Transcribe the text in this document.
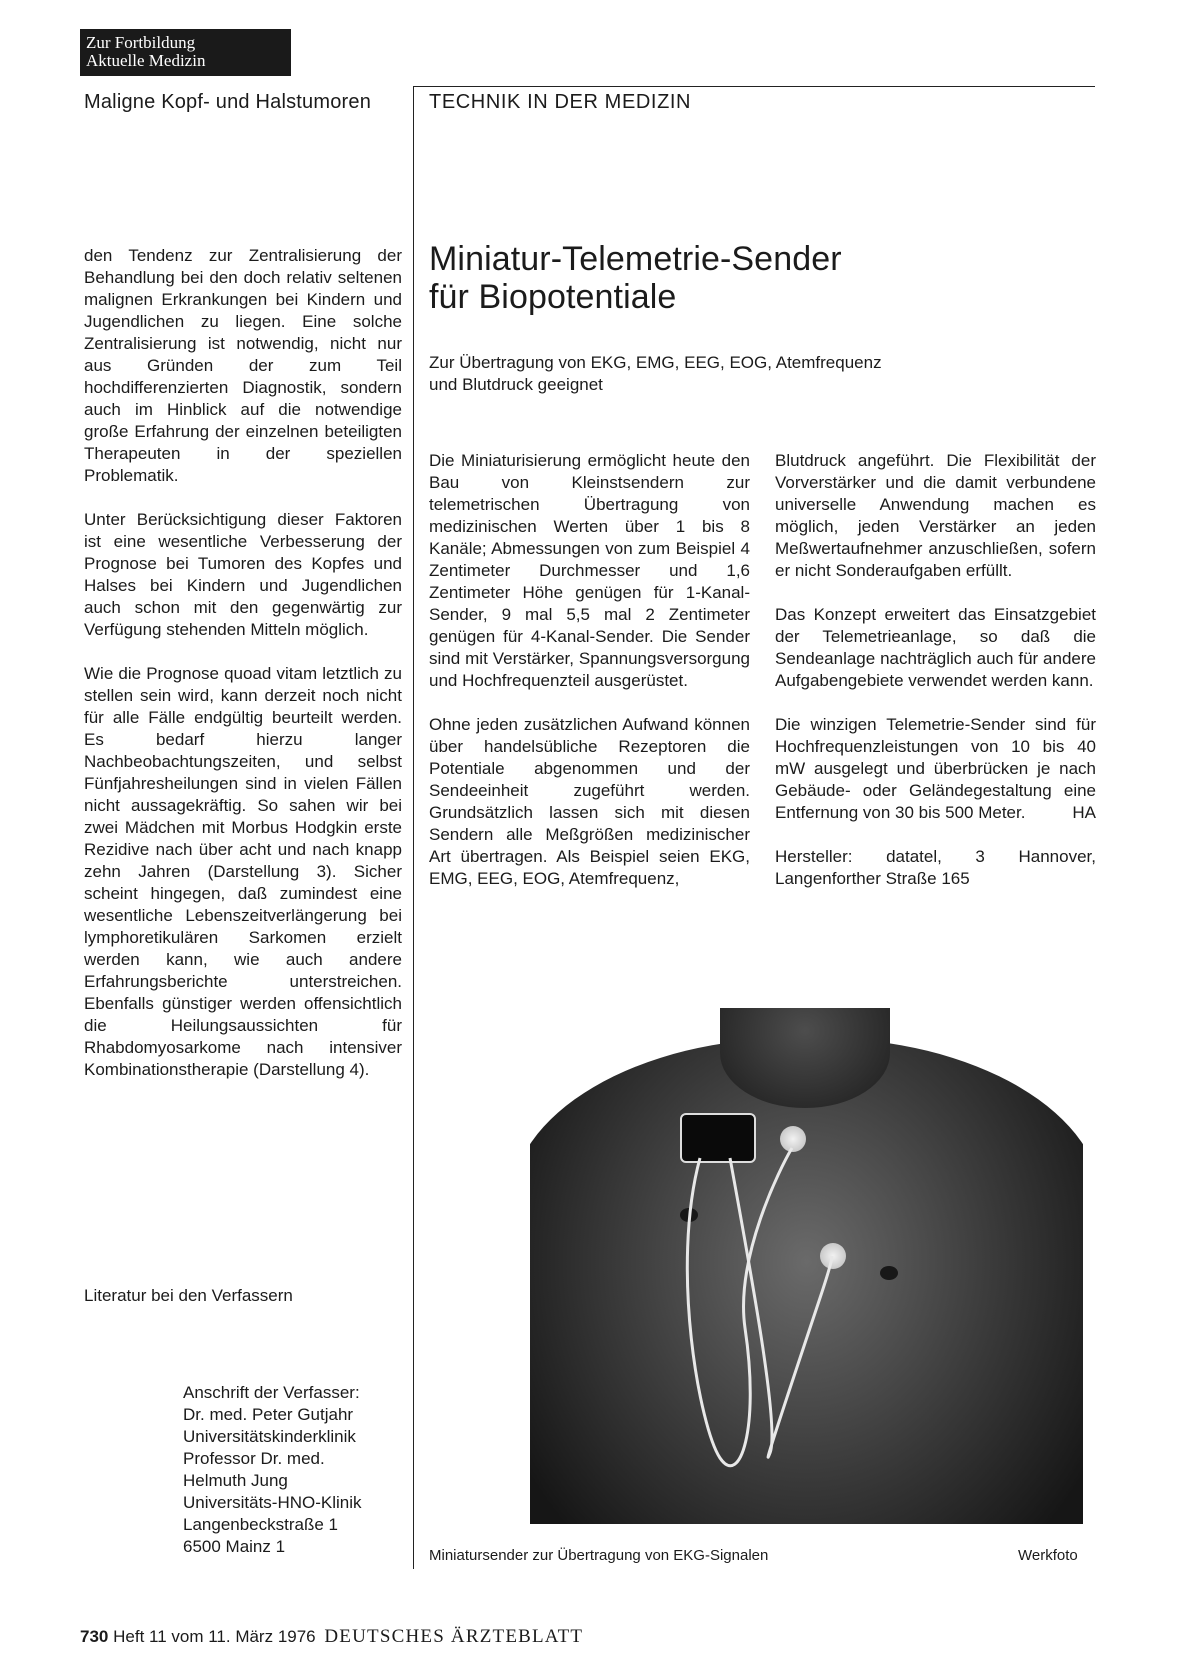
Zur Fortbildung
Aktuelle Medizin
Maligne Kopf- und Halstumoren	TECHNIK IN DER MEDIZIN

den Tendenz zur Zentralisierung der Behandlung bei den doch relativ seltenen malignen Erkrankungen bei Kindern und Jugendlichen zu liegen. Eine solche Zentralisierung ist notwendig, nicht nur aus Gründen der zum Teil hochdifferenzierten Diagnostik, sondern auch im Hinblick auf die notwendige große Erfahrung der einzelnen beteiligten Therapeuten in der speziellen Problematik.

Unter Berücksichtigung dieser Faktoren ist eine wesentliche Verbesserung der Prognose bei Tumoren des Kopfes und Halses bei Kindern und Jugendlichen auch schon mit den gegenwärtig zur Verfügung stehenden Mitteln möglich.

Wie die Prognose quoad vitam letztlich zu stellen sein wird, kann derzeit noch nicht für alle Fälle endgültig beurteilt werden. Es bedarf hierzu langer Nachbeobachtungszeiten, und selbst Fünfjahresheilungen sind in vielen Fällen nicht aussagekräftig. So sahen wir bei zwei Mädchen mit Morbus Hodgkin erste Rezidive nach über acht und nach knapp zehn Jahren (Darstellung 3). Sicher scheint hingegen, daß zumindest eine wesentliche Lebenszeitverlängerung bei lymphoretikulären Sarkomen erzielt werden kann, wie auch andere Erfahrungsberichte unterstreichen. Ebenfalls günstiger werden offensichtlich die Heilungsaussichten für Rhabdomyosarkome nach intensiver Kombinationstherapie (Darstellung 4).

Literatur bei den Verfassern
Anschrift der Verfasser:
Dr. med. Peter Gutjahr
Universitätskinderklinik
Professor Dr. med.
Helmuth Jung
Universitäts-HNO-Klinik
Langenbeckstraße 1
6500 Mainz 1
Miniatur-Telemetrie-Sender
für Biopotentiale
Zur Übertragung von EKG, EMG, EEG, EOG, Atemfrequenz
und Blutdruck geeignet

Die Miniaturisierung ermöglicht heute den Bau von Kleinstsendern zur telemetrischen Übertragung von medizinischen Werten über 1 bis 8 Kanäle; Abmessungen von zum Beispiel 4 Zentimeter Durchmesser und 1,6 Zentimeter Höhe genügen für 1-Kanal-Sender, 9 mal 5,5 mal 2 Zentimeter genügen für 4-Kanal-Sender. Die Sender sind mit Verstärker, Spannungsversorgung und Hochfrequenzteil ausgerüstet.

Ohne jeden zusätzlichen Aufwand können über handelsübliche Rezeptoren die Potentiale abgenommen und der Sendeeinheit zugeführt werden. Grundsätzlich lassen sich mit diesen Sendern alle Meßgrößen medizinischer Art übertragen. Als Beispiel seien EKG, EMG, EEG, EOG, Atemfrequenz,

Blutdruck angeführt. Die Flexibilität der Vorverstärker und die damit verbundene universelle Anwendung machen es möglich, jeden Verstärker an jeden Meßwertaufnehmer anzuschließen, sofern er nicht Sonderaufgaben erfüllt.

Das Konzept erweitert das Einsatzgebiet der Telemetrieanlage, so daß die Sendeanlage nachträglich auch für andere Aufgabengebiete verwendet werden kann.

Die winzigen Telemetrie-Sender sind für Hochfrequenzleistungen von 10 bis 40 mW ausgelegt und überbrücken je nach Gebäude- oder Geländegestaltung eine Entfernung von 30 bis 500 Meter.	HA

Hersteller: datatel, 3 Hannover, Langenforther Straße 165

Miniatursender zur Übertragung von EKG-Signalen	Werkfoto
730 Heft 11 vom 11. März 1976 DEUTSCHES ÄRZTEBLATT
